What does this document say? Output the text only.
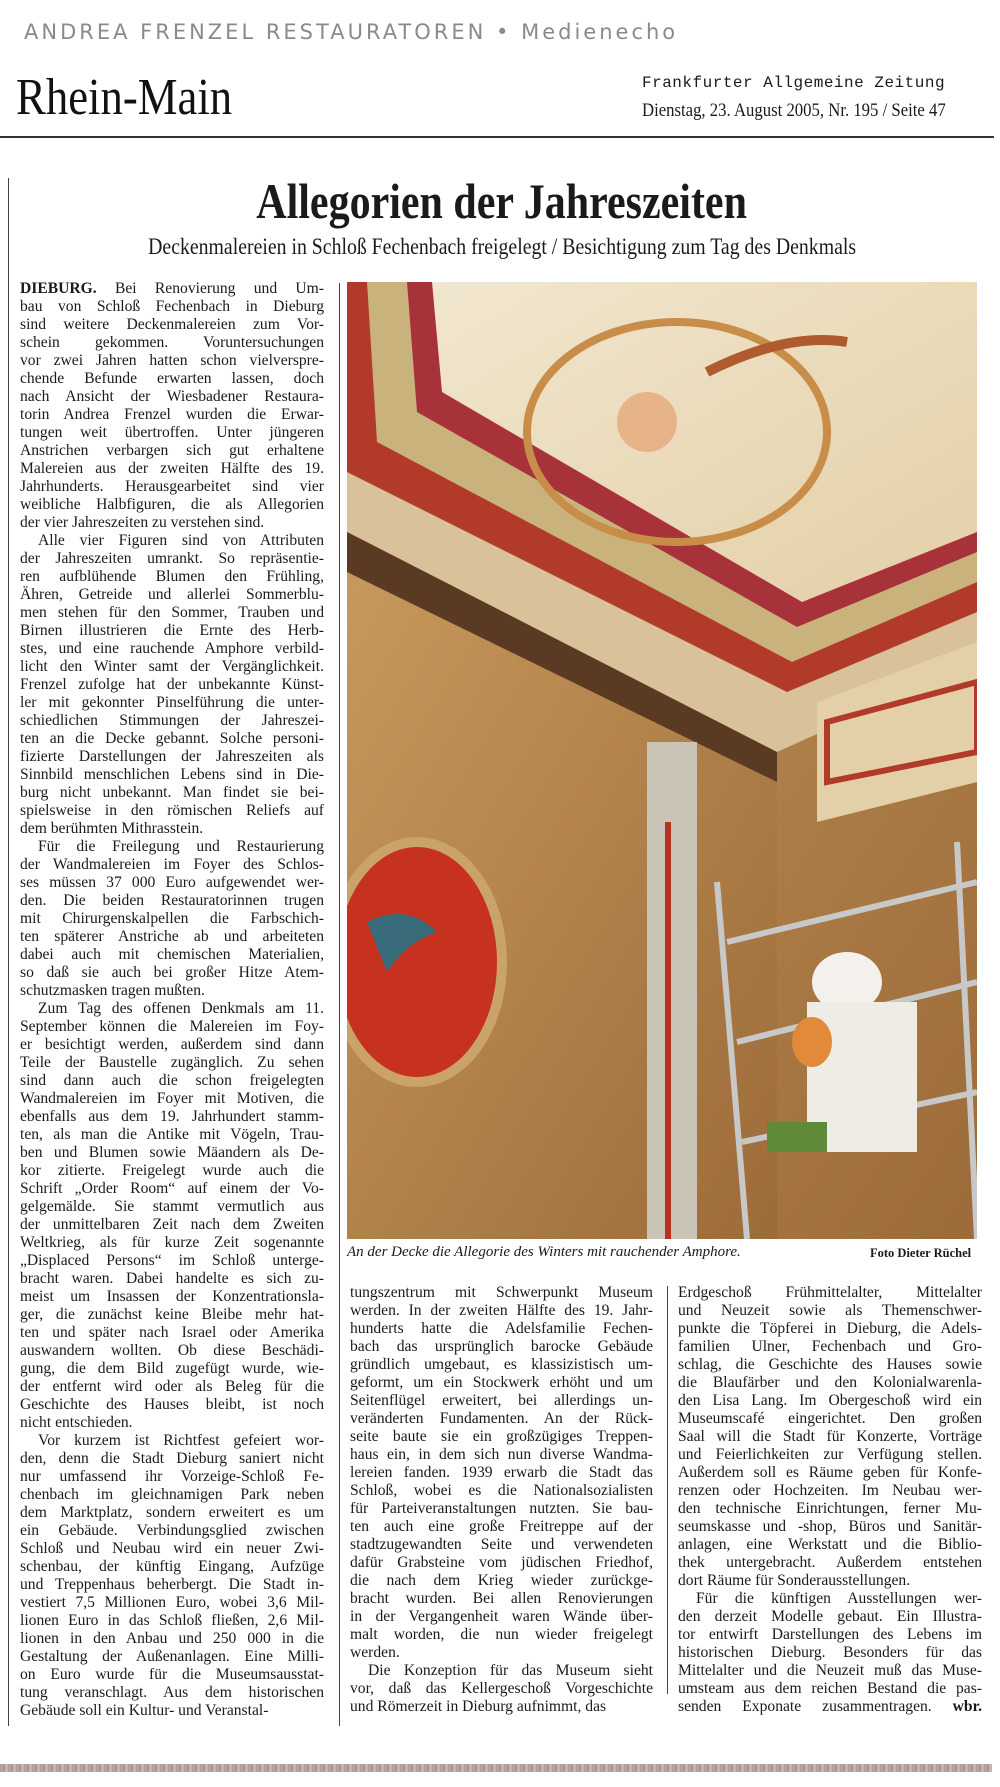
ANDREA FRENZEL RESTAURATOREN • Medienecho
Rhein-Main	Frankfurter Allgemeine Zeitung
Dienstag, 23. August 2005, Nr. 195 / Seite 47
Allegorien der Jahreszeiten
Deckenmalereien in Schloß Fechenbach freigelegt / Besichtigung zum Tag des Denkmals
DIEBURG. Bei Renovierung und Um-
bau von Schloß Fechenbach in Dieburg
sind weitere Deckenmalereien zum Vor-
schein gekommen. Voruntersuchungen
vor zwei Jahren hatten schon vielverspre-
chende Befunde erwarten lassen, doch
nach Ansicht der Wiesbadener Restaura-
torin Andrea Frenzel wurden die Erwar-
tungen weit übertroffen. Unter jüngeren
Anstrichen verbargen sich gut erhaltene
Malereien aus der zweiten Hälfte des 19.
Jahrhunderts. Herausgearbeitet sind vier
weibliche Halbfiguren, die als Allegorien
der vier Jahreszeiten zu verstehen sind.
Alle vier Figuren sind von Attributen
der Jahreszeiten umrankt. So repräsentie-
ren aufblühende Blumen den Frühling,
Ähren, Getreide und allerlei Sommerblu-
men stehen für den Sommer, Trauben und
Birnen illustrieren die Ernte des Herb-
stes, und eine rauchende Amphore verbild-
licht den Winter samt der Vergänglichkeit.
Frenzel zufolge hat der unbekannte Künst-
ler mit gekonnter Pinselführung die unter-
schiedlichen Stimmungen der Jahreszei-
ten an die Decke gebannt. Solche personi-
fizierte Darstellungen der Jahreszeiten als
Sinnbild menschlichen Lebens sind in Die-
burg nicht unbekannt. Man findet sie bei-
spielsweise in den römischen Reliefs auf
dem berühmten Mithrasstein.
Für die Freilegung und Restaurierung
der Wandmalereien im Foyer des Schlos-
ses müssen 37 000 Euro aufgewendet wer-
den. Die beiden Restauratorinnen trugen
mit Chirurgenskalpellen die Farbschich-
ten späterer Anstriche ab und arbeiteten
dabei auch mit chemischen Materialien,
so daß sie auch bei großer Hitze Atem-
schutzmasken tragen mußten.
Zum Tag des offenen Denkmals am 11.
September können die Malereien im Foy-
er besichtigt werden, außerdem sind dann
Teile der Baustelle zugänglich. Zu sehen
sind dann auch die schon freigelegten
Wandmalereien im Foyer mit Motiven, die
ebenfalls aus dem 19. Jahrhundert stamm-
ten, als man die Antike mit Vögeln, Trau-
ben und Blumen sowie Mäandern als De-
kor zitierte. Freigelegt wurde auch die
Schrift „Order Room“ auf einem der Vo-
gelgemälde. Sie stammt vermutlich aus
der unmittelbaren Zeit nach dem Zweiten
Weltkrieg, als für kurze Zeit sogenannte
„Displaced Persons“ im Schloß unterge-
bracht waren. Dabei handelte es sich zu-
meist um Insassen der Konzentrationsla-
ger, die zunächst keine Bleibe mehr hat-
ten und später nach Israel oder Amerika
auswandern wollten. Ob diese Beschädi-
gung, die dem Bild zugefügt wurde, wie-
der entfernt wird oder als Beleg für die
Geschichte des Hauses bleibt, ist noch
nicht entschieden.
Vor kurzem ist Richtfest gefeiert wor-
den, denn die Stadt Dieburg saniert nicht
nur umfassend ihr Vorzeige-Schloß Fe-
chenbach im gleichnamigen Park neben
dem Marktplatz, sondern erweitert es um
ein Gebäude. Verbindungsglied zwischen
Schloß und Neubau wird ein neuer Zwi-
schenbau, der künftig Eingang, Aufzüge
und Treppenhaus beherbergt. Die Stadt in-
vestiert 7,5 Millionen Euro, wobei 3,6 Mil-
lionen Euro in das Schloß fließen, 2,6 Mil-
lionen in den Anbau und 250 000 in die
Gestaltung der Außenanlagen. Eine Milli-
on Euro wurde für die Museumsausstat-
tung veranschlagt. Aus dem historischen
Gebäude soll ein Kultur- und Veranstal-
An der Decke die Allegorie des Winters mit rauchender Amphore.	Foto Dieter Rüchel
tungszentrum mit Schwerpunkt Museum
werden. In der zweiten Hälfte des 19. Jahr-
hunderts hatte die Adelsfamilie Fechen-
bach das ursprünglich barocke Gebäude
gründlich umgebaut, es klassizistisch um-
geformt, um ein Stockwerk erhöht und um
Seitenflügel erweitert, bei allerdings un-
veränderten Fundamenten. An der Rück-
seite baute sie ein großzügiges Treppen-
haus ein, in dem sich nun diverse Wandma-
lereien fanden. 1939 erwarb die Stadt das
Schloß, wobei es die Nationalsozialisten
für Parteiveranstaltungen nutzten. Sie bau-
ten auch eine große Freitreppe auf der
stadtzugewandten Seite und verwendeten
dafür Grabsteine vom jüdischen Friedhof,
die nach dem Krieg wieder zurückge-
bracht wurden. Bei allen Renovierungen
in der Vergangenheit waren Wände über-
malt worden, die nun wieder freigelegt
werden.
Die Konzeption für das Museum sieht
vor, daß das Kellergeschoß Vorgeschichte
und Römerzeit in Dieburg aufnimmt, das
Erdgeschoß Frühmittelalter, Mittelalter
und Neuzeit sowie als Themenschwer-
punkte die Töpferei in Dieburg, die Adels-
familien Ulner, Fechenbach und Gro-
schlag, die Geschichte des Hauses sowie
die Blaufärber und den Kolonialwarenla-
den Lisa Lang. Im Obergeschoß wird ein
Museumscafé eingerichtet. Den großen
Saal will die Stadt für Konzerte, Vorträge
und Feierlichkeiten zur Verfügung stellen.
Außerdem soll es Räume geben für Konfe-
renzen oder Hochzeiten. Im Neubau wer-
den technische Einrichtungen, ferner Mu-
seumskasse und -shop, Büros und Sanitär-
anlagen, eine Werkstatt und die Biblio-
thek untergebracht. Außerdem entstehen
dort Räume für Sonderausstellungen.
Für die künftigen Ausstellungen wer-
den derzeit Modelle gebaut. Ein Illustra-
tor entwirft Darstellungen des Lebens im
historischen Dieburg. Besonders für das
Mittelalter und die Neuzeit muß das Muse-
umsteam aus dem reichen Bestand die pas-
senden Exponate zusammentragen. wbr.
